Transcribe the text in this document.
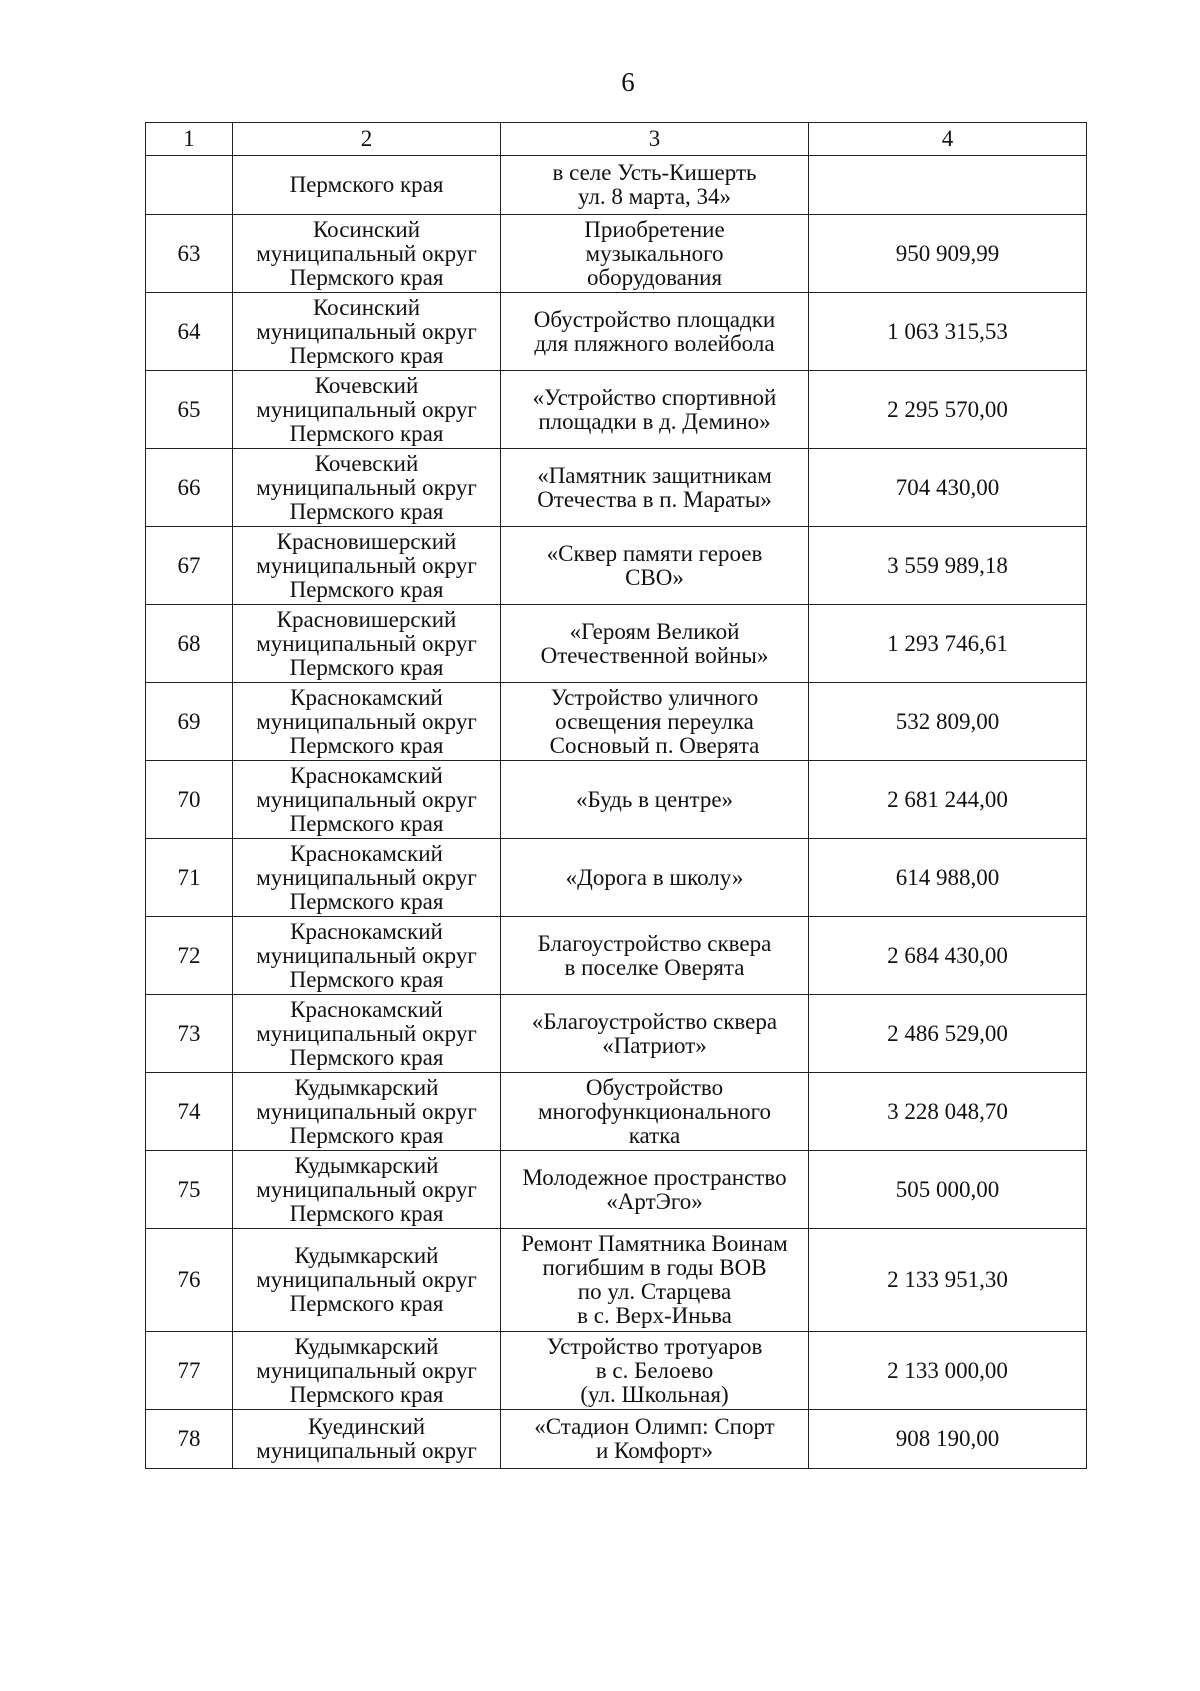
6
1	2	3	4

	Пермского края	в селе Усть-Кишерть
ул. 8 марта, 34»	

63	Косинский
муниципальный округ
Пермского края	Приобретение
музыкального
оборудования	950 909,99
64	Косинский
муниципальный округ
Пермского края	Обустройство площадки
для пляжного волейбола	1 063 315,53
65	Кочевский
муниципальный округ
Пермского края	«Устройство спортивной
площадки в д. Демино»	2 295 570,00
66	Кочевский
муниципальный округ
Пермского края	«Памятник защитникам
Отечества в п. Мараты»	704 430,00
67	Красновишерский
муниципальный округ
Пермского края	«Сквер памяти героев
СВО»	3 559 989,18
68	Красновишерский
муниципальный округ
Пермского края	«Героям Великой
Отечественной войны»	1 293 746,61
69	Краснокамский
муниципальный округ
Пермского края	Устройство уличного
освещения переулка
Сосновый п. Оверята	532 809,00
70	Краснокамский
муниципальный округ
Пермского края	«Будь в центре»	2 681 244,00
71	Краснокамский
муниципальный округ
Пермского края	«Дорога в школу»	614 988,00
72	Краснокамский
муниципальный округ
Пермского края	Благоустройство сквера
в поселке Оверята	2 684 430,00
73	Краснокамский
муниципальный округ
Пермского края	«Благоустройство сквера
«Патриот»	2 486 529,00
74	Кудымкарский
муниципальный округ
Пермского края	Обустройство
многофункционального
катка	3 228 048,70
75	Кудымкарский
муниципальный округ
Пермского края	Молодежное пространство
«АртЭго»	505 000,00
76	Кудымкарский
муниципальный округ
Пермского края	Ремонт Памятника Воинам
погибшим в годы ВОВ
по ул. Старцева
в с. Верх-Иньва	2 133 951,30
77	Кудымкарский
муниципальный округ
Пермского края	Устройство тротуаров
в с. Белоево
(ул. Школьная)	2 133 000,00
78	Куединский
муниципальный округ	«Стадион Олимп: Спорт
и Комфорт»	908 190,00
